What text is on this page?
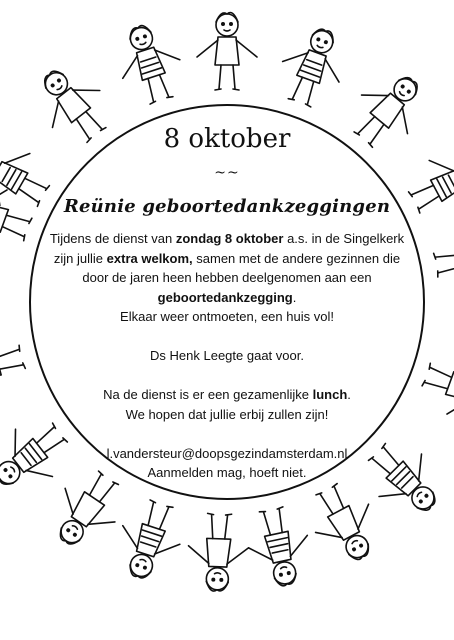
8 oktober
~~
Reünie geboortedankzeggingen

Tijdens de dienst van zondag 8 oktober a.s. in de Singelkerk zijn jullie extra welkom, samen met de andere gezinnen die door de jaren heen hebben deelgenomen aan een geboortedankzegging.

Elkaar weer ontmoeten, een huis vol!

Ds Henk Leegte gaat voor.

Na de dienst is er een gezamenlijke lunch.

We hopen dat jullie erbij zullen zijn!

l.vandersteur@doopsgezindamsterdam.nl

Aanmelden mag, hoeft niet.
